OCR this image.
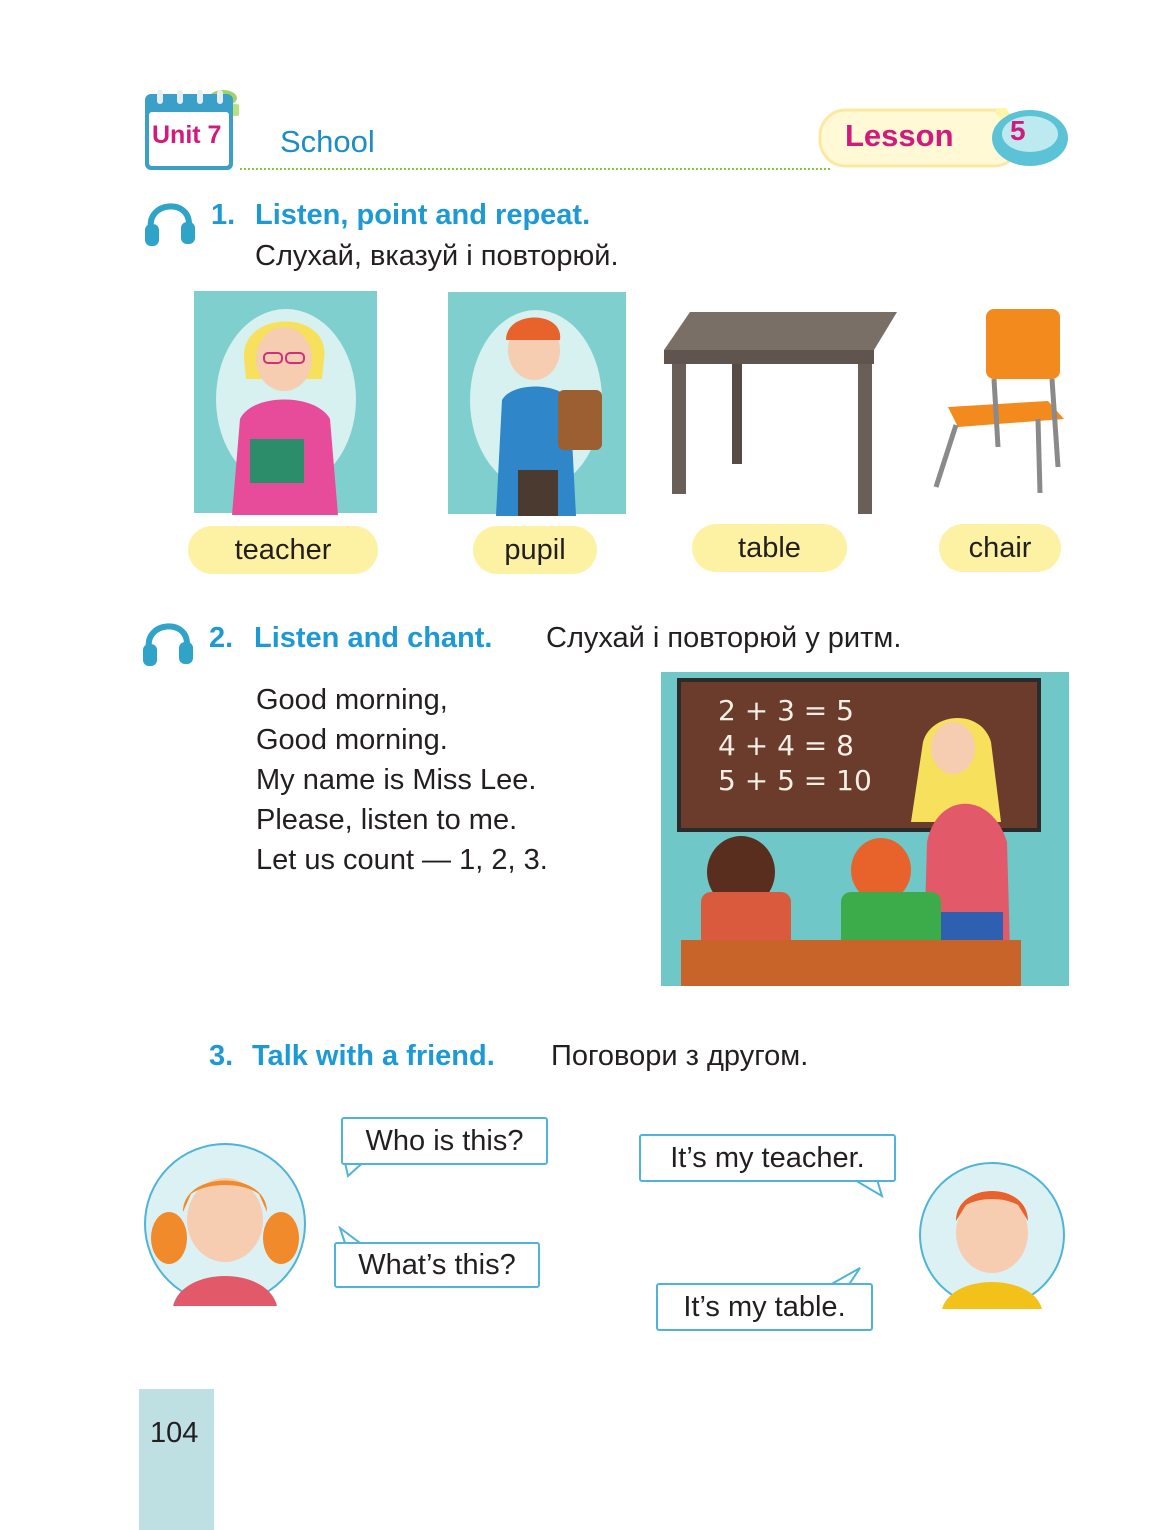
Unit 7 School	Lesson 5
1. Listen, point and repeat.
Слухай, вказуй і повторюй.
teacher	pupil	table	chair
2. Listen and chant. Слухай і повторюй у ритм.
Good morning,
Good morning.
My name is Miss Lee.
Please, listen to me.
Let us count — 1, 2, 3.
2 + 3 = 5
4 + 4 = 8
5 + 5 = 10
3. Talk with a friend. Поговори з другом.
Who is this?
What’s this?
It’s my teacher.
It’s my table.
104
